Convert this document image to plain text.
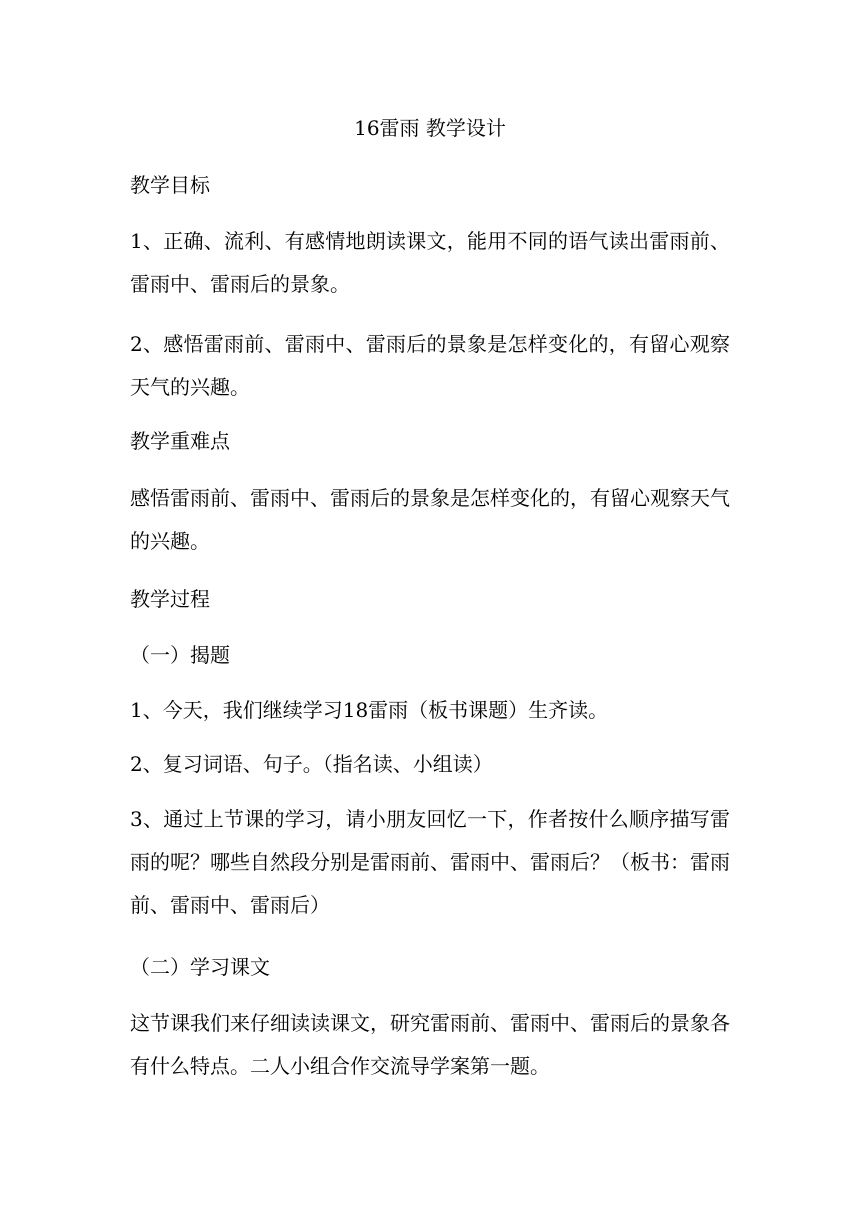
16雷雨 教学设计
教学目标
1、正确、流利、有感情地朗读课文，能用不同的语气读出雷雨前、雷雨中、雷雨后的景象。
2、感悟雷雨前、雷雨中、雷雨后的景象是怎样变化的，有留心观察天气的兴趣。
教学重难点
感悟雷雨前、雷雨中、雷雨后的景象是怎样变化的，有留心观察天气的兴趣。
教学过程
（一）揭题
1、今天，我们继续学习18雷雨（板书课题）生齐读。
2、复习词语、句子。（指名读、小组读）
3、通过上节课的学习，请小朋友回忆一下，作者按什么顺序描写雷雨的呢？哪些自然段分别是雷雨前、雷雨中、雷雨后？（板书：雷雨前、雷雨中、雷雨后）
（二）学习课文
这节课我们来仔细读读课文，研究雷雨前、雷雨中、雷雨后的景象各有什么特点。二人小组合作交流导学案第一题。
